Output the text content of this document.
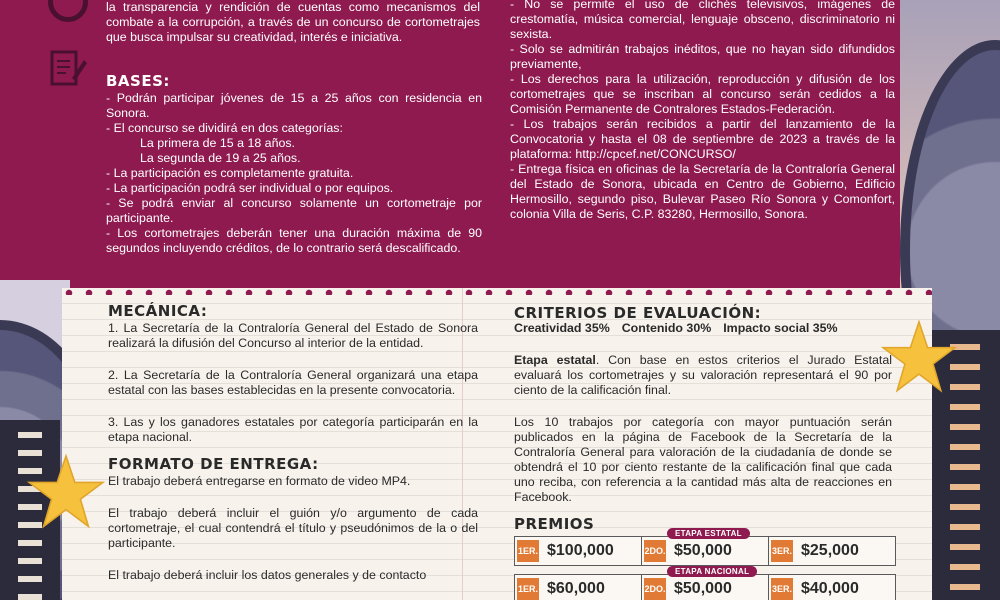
la transparencia y rendición de cuentas como mecanismos del combate a la corrupción, a través de un concurso de cortometrajes que busca impulsar su creatividad, interés e iniciativa.
BASES:
- Podrán participar jóvenes de 15 a 25 años con residencia en Sonora.
- El concurso se dividirá en dos categorías:
La primera de 15 a 18 años.
La segunda de 19 a 25 años.
- La participación es completamente gratuita.
- La participación podrá ser individual o por equipos.
- Se podrá enviar al concurso solamente un cortometraje por participante.
- Los cortometrajes deberán tener una duración máxima de 90 segundos incluyendo créditos, de lo contrario será descalificado.
- No se permite el uso de clichés televisivos, imágenes de crestomatía, música comercial, lenguaje obsceno, discriminatorio ni sexista.
- Solo se admitirán trabajos inéditos, que no hayan sido difundidos previamente,
- Los derechos para la utilización, reproducción y difusión de los cortometrajes que se inscriban al concurso serán cedidos a la Comisión Permanente de Contralores Estados-Federación.
- Los trabajos serán recibidos a partir del lanzamiento de la Convocatoria y hasta el 08 de septiembre de 2023 a través de la plataforma: http://cpcef.net/CONCURSO/
- Entrega física en oficinas de la Secretaría de la Contraloría General del Estado de Sonora, ubicada en Centro de Gobierno, Edificio Hermosillo, segundo piso, Bulevar Paseo Río Sonora y Comonfort, colonia Villa de Seris, C.P. 83280, Hermosillo, Sonora.
MECÁNICA:
1. La Secretaría de la Contraloría General del Estado de Sonora realizará la difusión del Concurso al interior de la entidad.
2. La Secretaría de la Contraloría General organizará una etapa estatal con las bases establecidas en la presente convocatoria.
3. Las y los ganadores estatales por categoría participarán en la etapa nacional.
FORMATO DE ENTREGA:
El trabajo deberá entregarse en formato de video MP4.
El trabajo deberá incluir el guión y/o argumento de cada cortometraje, el cual contendrá el título y pseudónimos de la o del participante.
El trabajo deberá incluir los datos generales y de contacto
CRITERIOS DE EVALUACIÓN:
Creatividad 35% Contenido 30% Impacto social 35%
Etapa estatal. Con base en estos criterios el Jurado Estatal evaluará los cortometrajes y su valoración representará el 90 por ciento de la calificación final.
Los 10 trabajos por categoría con mayor puntuación serán publicados en la página de Facebook de la Secretaría de la Contraloría General para valoración de la ciudadanía de donde se obtendrá el 10 por ciento restante de la calificación final que cada uno reciba, con referencia a la cantidad más alta de reacciones en Facebook.
PREMIOS
ETAPA ESTATAL
1ER. $100,000	2DO. $50,000	3ER. $25,000
ETAPA NACIONAL
1ER. $60,000	2DO. $50,000	3ER. $40,000
